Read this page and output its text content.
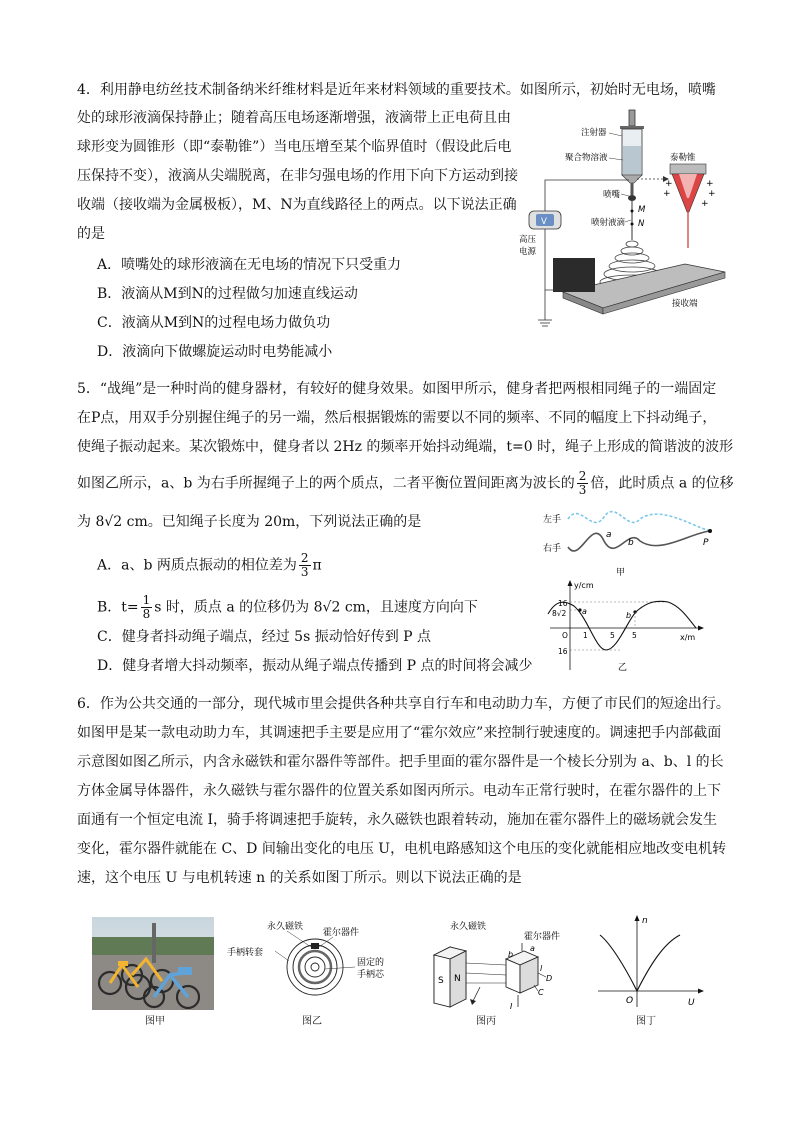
4．利用静电纺丝技术制备纳米纤维材料是近年来材料领域的重要技术。如图所示，初始时无电场，喷嘴
处的球形液滴保持静止；随着高压电场逐渐增强，液滴带上正电荷且由
球形变为圆锥形（即“泰勒锥”）当电压增至某个临界值时（假设此后电
压保持不变），液滴从尖端脱离，在非匀强电场的作用下向下方运动到接
收端（接收端为金属极板），M、N为直线路径上的两点。以下说法正确
的是
A．喷嘴处的球形液滴在无电场的情况下只受重力
B．液滴从M到N的过程做匀加速直线运动
C．液滴从M到N的过程电场力做负功
D．液滴向下做螺旋运动时电势能减小
注射器
聚合物溶液
喷嘴
喷射液滴
M
N
泰勒锥
+
+
+
+
+
接收端
V
高压
电源
5．“战绳”是一种时尚的健身器材，有较好的健身效果。如图甲所示，健身者把两根相同绳子的一端固定
在P点，用双手分别握住绳子的另一端，然后根据锻炼的需要以不同的频率、不同的幅度上下抖动绳子，
使绳子振动起来。某次锻炼中，健身者以 2Hz 的频率开始抖动绳端，t=0 时，绳子上形成的简谐波的波形
如图乙所示，a、b 为右手所握绳子上的两个质点，二者平衡位置间距离为波长的 $\frac{2}{3}$ 倍，此时质点 a 的位移
为 8√2 cm。已知绳子长度为 20m，下列说法正确的是
A．a、b 两质点振动的相位差为 $\frac{2}{3}$ π
B．$t= \frac{1}{8}$ s 时，质点 a 的位移仍为 8√2 cm，且速度方向向下
C．健身者抖动绳子端点，经过 5s 振动恰好传到 P 点
D．健身者增大抖动频率，振动从绳子端点传播到 P 点的时间将会减少
左手
右手
P
a
b
甲
y/cm
x/m
16
8√2
16
O
a	b
1	5 5
乙
6．作为公共交通的一部分，现代城市里会提供各种共享自行车和电动助力车，方便了市民们的短途出行。
如图甲是某一款电动助力车，其调速把手主要是应用了“霍尔效应”来控制行驶速度的。调速把手内部截面
示意图如图乙所示，内含永磁铁和霍尔器件等部件。把手里面的霍尔器件是一个棱长分别为 a、b、l 的长
方体金属导体器件，永久磁铁与霍尔器件的位置关系如图丙所示。电动车正常行驶时，在霍尔器件的上下
面通有一个恒定电流 I，骑手将调速把手旋转，永久磁铁也跟着转动，施加在霍尔器件上的磁场就会发生
变化，霍尔器件就能在 C、D 间输出变化的电压 U，电机电路感知这个电压的变化就能相应地改变电机转
速，这个电压 U 与电机转速 n 的关系如图丁所示。则以下说法正确的是
图甲
永久磁铁
霍尔器件
手柄转套
固定的
手柄芯
图乙
永久磁铁
霍尔器件
S N
a
b
l
D
C
I
图丙
n
U
O
图丁
